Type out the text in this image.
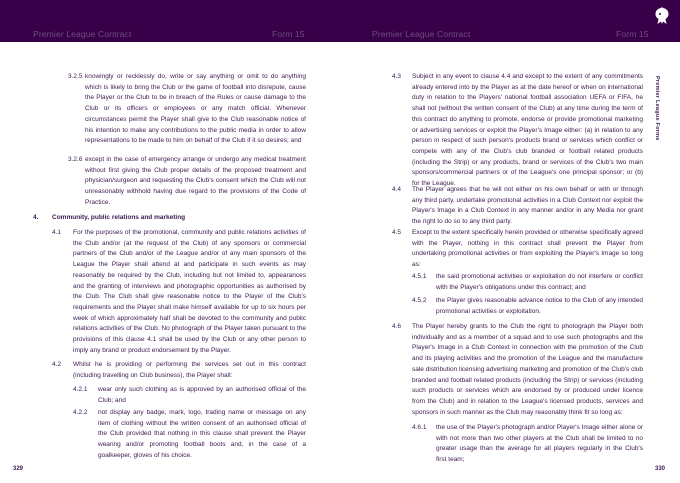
Premier League Contract	Form 15	Premier League Contract	Form 15
Premier League Forms
3.2.5 knowingly or recklessly do, write or say anything or omit to do anything which is likely to bring the Club or the game of football into disrepute, cause the Player or the Club to be in breach of the Rules or cause damage to the Club or its officers or employees or any match official. Whenever circumstances permit the Player shall give to the Club reasonable notice of his intention to make any contributions to the public media in order to allow representations to be made to him on behalf of the Club if it so desires; and
3.2.6 except in the case of emergency arrange or undergo any medical treatment without first giving the Club proper details of the proposed treatment and physician/surgeon and requesting the Club's consent which the Club will not unreasonably withhold having due regard to the provisions of the Code of Practice.
4. Community, public relations and marketing
4.1 For the purposes of the promotional, community and public relations activities of the Club and/or (at the request of the Club) of any sponsors or commercial partners of the Club and/or of the League and/or of any main sponsors of the League the Player shall attend at and participate in such events as may reasonably be required by the Club, including but not limited to, appearances and the granting of interviews and photographic opportunities as authorised by the Club. The Club shall give reasonable notice to the Player of the Club's requirements and the Player shall make himself available for up to six hours per week of which approximately half shall be devoted to the community and public relations activities of the Club. No photograph of the Player taken pursuant to the provisions of this clause 4.1 shall be used by the Club or any other person to imply any brand or product endorsement by the Player.
4.2 Whilst he is providing or performing the services set out in this contract (including travelling on Club business), the Player shall:
4.2.1 wear only such clothing as is approved by an authorised official of the Club; and
4.2.2 not display any badge, mark, logo, trading name or message on any item of clothing without the written consent of an authorised official of the Club provided that nothing in this clause shall prevent the Player wearing and/or promoting football boots and, in the case of a goalkeeper, gloves of his choice.
329
4.3 Subject in any event to clause 4.4 and except to the extent of any commitments already entered into by the Player as at the date hereof or when on international duty in relation to the Players' national football association UEFA or FIFA, he shall not (without the written consent of the Club) at any time during the term of this contract do anything to promote, endorse or provide promotional marketing or advertising services or exploit the Player's Image either: (a) in relation to any person in respect of such person's products brand or services which conflict or compete with any of the Club's club branded or football related products (including the Strip) or any products, brand or services of the Club's two main sponsors/commercial partners or of the League's one principal sponsor; or (b) for the League.
4.4 The Player agrees that he will not either on his own behalf or with or through any third party, undertake promotional activities in a Club Context nor exploit the Player's Image in a Club Context in any manner and/or in any Media nor grant the right to do so to any third party.
4.5 Except to the extent specifically herein provided or otherwise specifically agreed with the Player, nothing in this contract shall prevent the Player from undertaking promotional activities or from exploiting the Player's Image so long as:
4.5.1 the said promotional activities or exploitation do not interfere or conflict with the Player's obligations under this contract; and
4.5.2 the Player gives reasonable advance notice to the Club of any intended promotional activities or exploitation.
4.6 The Player hereby grants to the Club the right to photograph the Player both individually and as a member of a squad and to use such photographs and the Player's Image in a Club Context in connection with the promotion of the Club and its playing activities and the promotion of the League and the manufacture sale distribution licensing advertising marketing and promotion of the Club's club branded and football related products (including the Strip) or services (including such products or services which are endorsed by or produced under licence from the Club) and in relation to the League's licensed products, services and sponsors in such manner as the Club may reasonably think fit so long as:
4.6.1 the use of the Player's photograph and/or Player's Image either alone or with not more than two other players at the Club shall be limited to no greater usage than the average for all players regularly in the Club's first team;
330
